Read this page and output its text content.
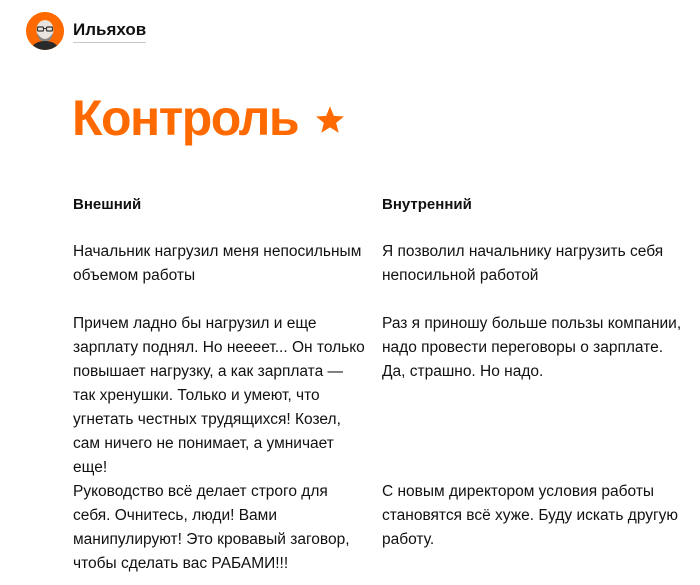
Ильяхов
Контроль
Внешний

Начальник нагрузил меня непосильным объемом работы

Причем ладно бы нагрузил и еще зарплату поднял. Но нееeет... Он только повышает нагрузку, а как зарплата — так хренушки. Только и умеют, что угнетать честных трудящихся! Козел, сам ничего не понимает, а умничает еще!

Руководство всё делает строго для себя. Очнитесь, люди! Вами манипулируют! Это кровавый заговор, чтобы сделать вас РАБАМИ!!!

Внутренний

Я позволил начальнику нагрузить себя непосильной работой

Раз я приношу больше пользы компании, надо провести переговоры о зарплате. Да, страшно. Но надо.

С новым директором условия работы становятся всё хуже. Буду искать другую работу.
